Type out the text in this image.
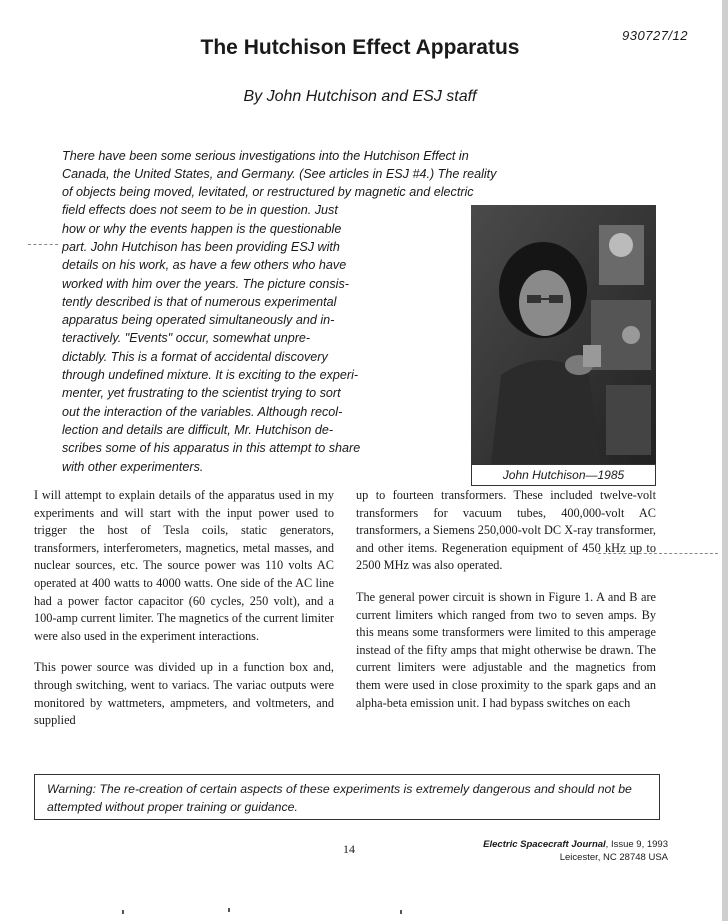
930727/12
The Hutchison Effect Apparatus
By John Hutchison and ESJ staff
There have been some serious investigations into the Hutchison Effect in
Canada, the United States, and Germany. (See articles in ESJ #4.) The reality
of objects being moved, levitated, or restructured by magnetic and electric
field effects does not seem to be in question. Just
how or why the events happen is the questionable
part. John Hutchison has been providing ESJ with
details on his work, as have a few others who have
worked with him over the years. The picture consis-
tently described is that of numerous experimental
apparatus being operated simultaneously and in-
teractively. "Events" occur, somewhat unpre-
dictably. This is a format of accidental discovery
through undefined mixture. It is exciting to the experi-
menter, yet frustrating to the scientist trying to sort
out the interaction of the variables. Although recol-
lection and details are difficult, Mr. Hutchison de-
scribes some of his apparatus in this attempt to share
with other experimenters.
John Hutchison—1985

I will attempt to explain details of the apparatus used in my experiments and will start with the input power used to trigger the host of Tesla coils, static generators, transformers, interferometers, magnetics, metal masses, and nuclear sources, etc. The source power was 110 volts AC operated at 400 watts to 4000 watts. One side of the AC line had a power factor capacitor (60 cycles, 250 volt), and a 100-amp current limiter. The magnetics of the current limiter were also used in the experiment interactions.

This power source was divided up in a function box and, through switching, went to variacs. The variac outputs were monitored by wattmeters, ampmeters, and voltmeters, and supplied

up to fourteen transformers. These included twelve-volt transformers for vacuum tubes, 400,000-volt AC transformers, a Siemens 250,000-volt DC X-ray transformer, and other items. Regeneration equipment of 450 kHz up to 2500 MHz was also operated.

The general power circuit is shown in Figure 1. A and B are current limiters which ranged from two to seven amps. By this means some transformers were limited to this amperage instead of the fifty amps that might otherwise be drawn. The current limiters were adjustable and the magnetics from them were used in close proximity to the spark gaps and an alpha-beta emission unit. I had bypass switches on each

Warning: The re-creation of certain aspects of these experiments is extremely dangerous and should not be attempted without proper training or guidance.
14	Electric Spacecraft Journal, Issue 9, 1993
Leicester, NC 28748 USA
